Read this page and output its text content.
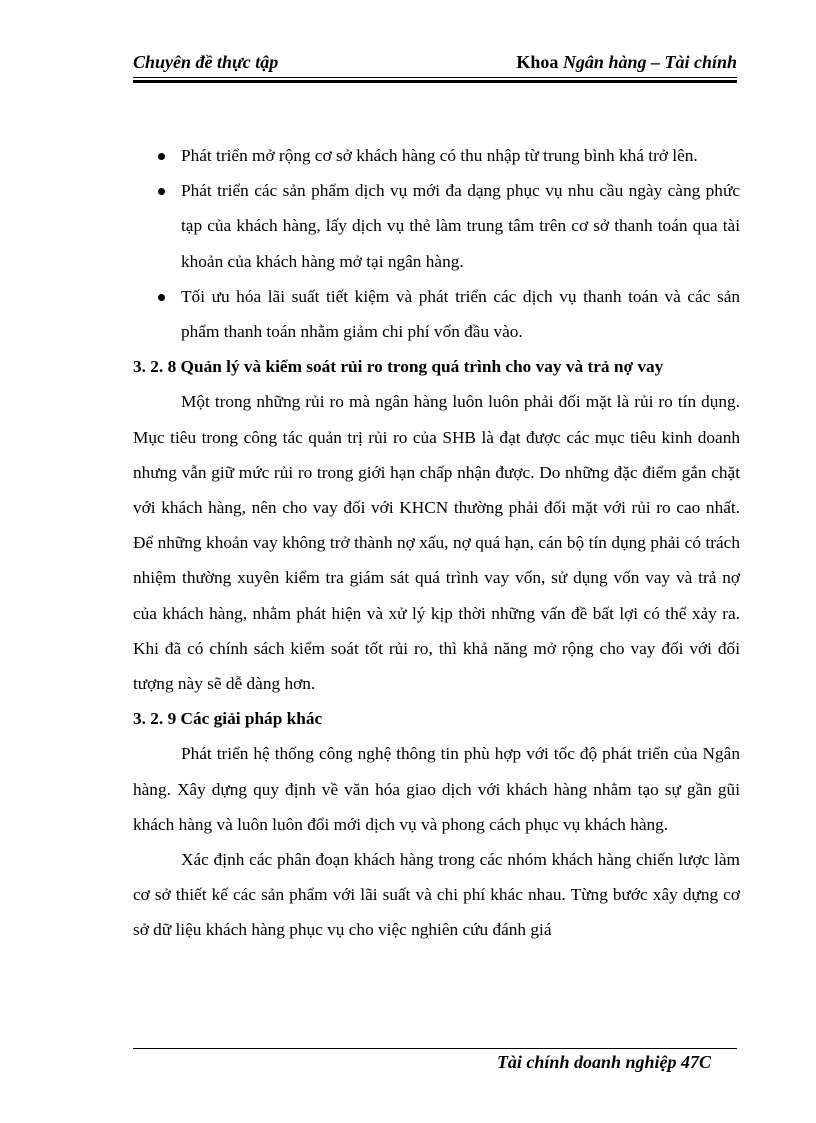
Chuyên đề thực tập	Khoa Ngân hàng – Tài chính
Phát triển mở rộng cơ sở khách hàng có thu nhập từ trung bình khá trở lên.
Phát triển các sản phẩm dịch vụ mới đa dạng phục vụ nhu cầu ngày càng phức tạp của khách hàng, lấy dịch vụ thẻ làm trung tâm trên cơ sở thanh toán qua tài khoản của khách hàng mở tại ngân hàng.
Tối ưu hóa lãi suất tiết kiệm và phát triển các dịch vụ thanh toán và các sản phẩm thanh toán nhằm giảm chi phí vốn đầu vào.

3. 2. 8 Quản lý và kiểm soát rủi ro trong quá trình cho vay và trả nợ vay

Một trong những rủi ro mà ngân hàng luôn luôn phải đối mặt là rủi ro tín dụng. Mục tiêu trong công tác quản trị rủi ro của SHB là đạt được các mục tiêu kinh doanh nhưng vẫn giữ mức rủi ro trong giới hạn chấp nhận được. Do những đặc điểm gắn chặt với khách hàng, nên cho vay đối với KHCN thường phải đối mặt với rủi ro cao nhất. Để những khoản vay không trở thành nợ xấu, nợ quá hạn, cán bộ tín dụng phải có trách nhiệm thường xuyên kiểm tra giám sát quá trình vay vốn, sử dụng vốn vay và trả nợ của khách hàng, nhằm phát hiện và xử lý kịp thời những vấn đề bất lợi có thể xảy ra. Khi đã có chính sách kiểm soát tốt rủi ro, thì khả năng mở rộng cho vay đối với đối tượng này sẽ dễ dàng hơn.

3. 2. 9 Các giải pháp khác

Phát triển hệ thống công nghệ thông tin phù hợp với tốc độ phát triển của Ngân hàng. Xây dựng quy định về văn hóa giao dịch với khách hàng nhằm tạo sự gần gũi khách hàng và luôn luôn đổi mới dịch vụ và phong cách phục vụ khách hàng.

Xác định các phân đoạn khách hàng trong các nhóm khách hàng chiến lược làm cơ sở thiết kế các sản phẩm với lãi suất và chi phí khác nhau. Từng bước xây dựng cơ sở dữ liệu khách hàng phục vụ cho việc nghiên cứu đánh giá

Tài chính doanh nghiệp 47C
